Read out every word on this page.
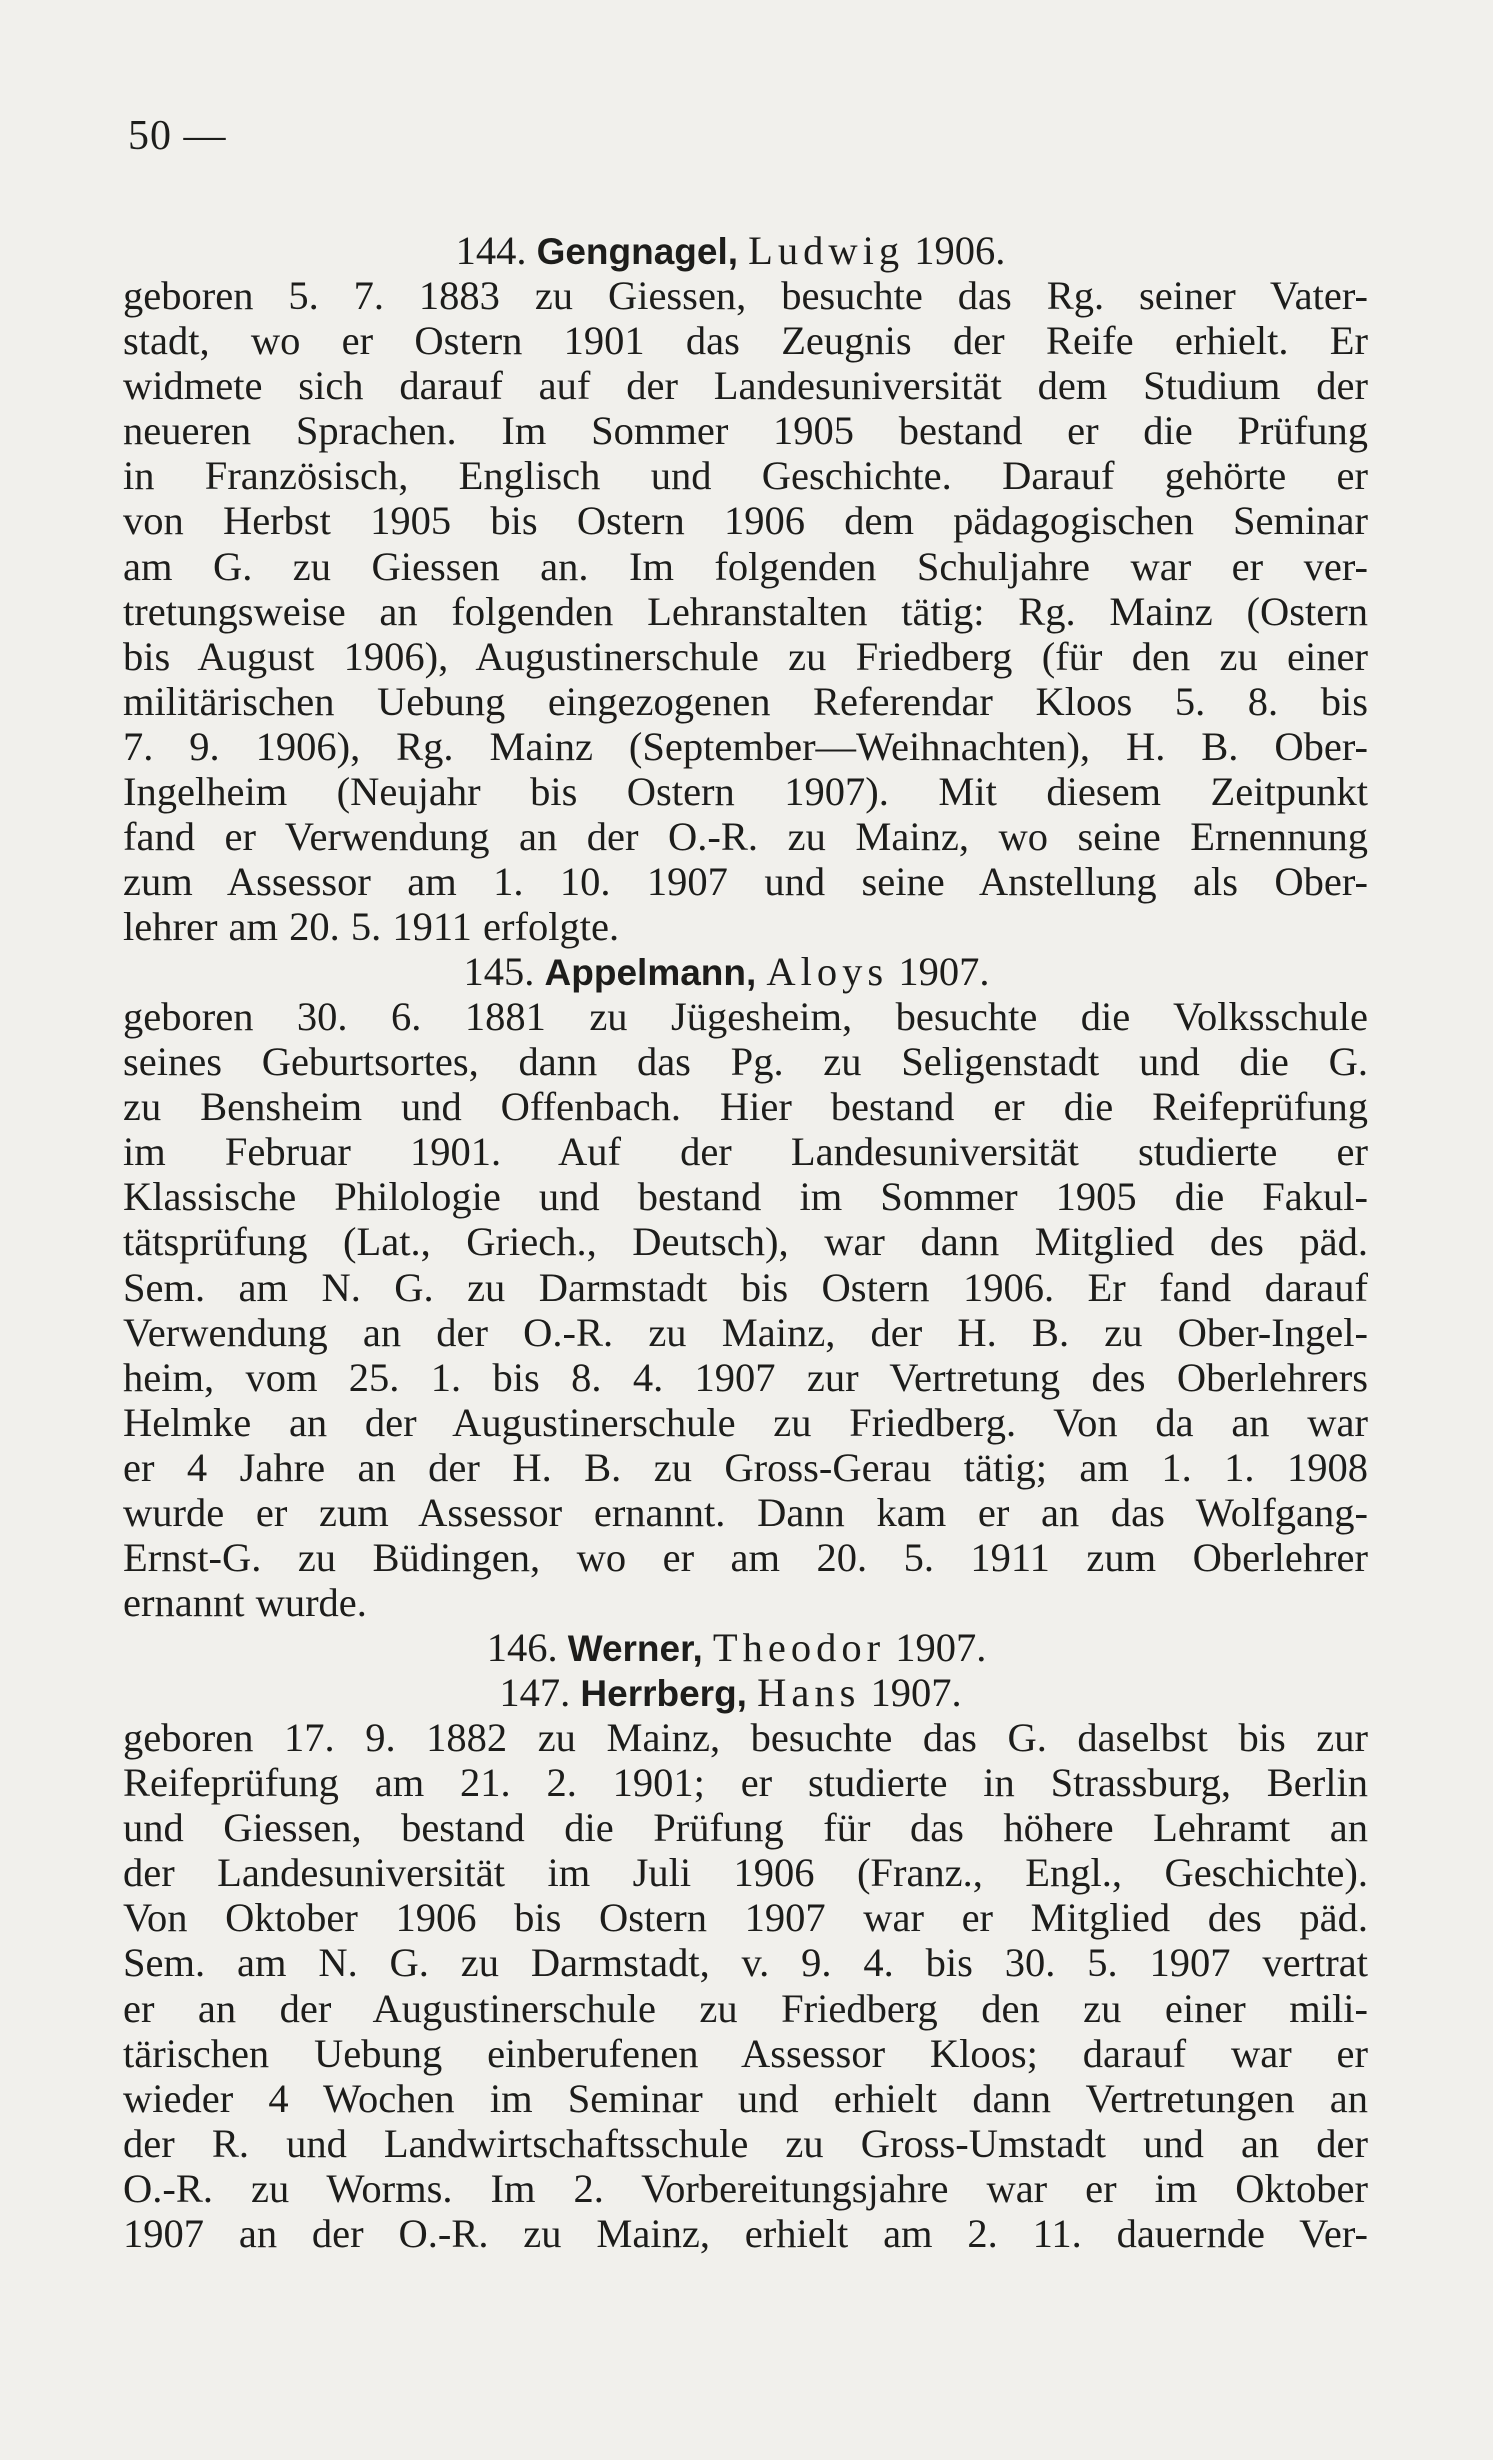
50 —
144. Gengnagel, Ludwig 1906.
geboren 5. 7. 1883 zu Giessen, besuchte das Rg. seiner Vater-
stadt, wo er Ostern 1901 das Zeugnis der Reife erhielt. Er
widmete sich darauf auf der Landesuniversität dem Studium der
neueren Sprachen. Im Sommer 1905 bestand er die Prüfung
in Französisch, Englisch und Geschichte. Darauf gehörte er
von Herbst 1905 bis Ostern 1906 dem pädagogischen Seminar
am G. zu Giessen an. Im folgenden Schuljahre war er ver-
tretungsweise an folgenden Lehranstalten tätig: Rg. Mainz (Ostern
bis August 1906), Augustinerschule zu Friedberg (für den zu einer
militärischen Uebung eingezogenen Referendar Kloos 5. 8. bis
7. 9. 1906), Rg. Mainz (September—Weihnachten), H. B. Ober-
Ingelheim (Neujahr bis Ostern 1907). Mit diesem Zeitpunkt
fand er Verwendung an der O.-R. zu Mainz, wo seine Ernennung
zum Assessor am 1. 10. 1907 und seine Anstellung als Ober-
lehrer am 20. 5. 1911 erfolgte.
145. Appelmann, Aloys 1907.
geboren 30. 6. 1881 zu Jügesheim, besuchte die Volksschule
seines Geburtsortes, dann das Pg. zu Seligenstadt und die G.
zu Bensheim und Offenbach. Hier bestand er die Reifeprüfung
im Februar 1901. Auf der Landesuniversität studierte er
Klassische Philologie und bestand im Sommer 1905 die Fakul-
tätsprüfung (Lat., Griech., Deutsch), war dann Mitglied des päd.
Sem. am N. G. zu Darmstadt bis Ostern 1906. Er fand darauf
Verwendung an der O.-R. zu Mainz, der H. B. zu Ober-Ingel-
heim, vom 25. 1. bis 8. 4. 1907 zur Vertretung des Oberlehrers
Helmke an der Augustinerschule zu Friedberg. Von da an war
er 4 Jahre an der H. B. zu Gross-Gerau tätig; am 1. 1. 1908
wurde er zum Assessor ernannt. Dann kam er an das Wolfgang-
Ernst-G. zu Büdingen, wo er am 20. 5. 1911 zum Oberlehrer
ernannt wurde.
146. Werner, Theodor 1907.
147. Herrberg, Hans 1907.
geboren 17. 9. 1882 zu Mainz, besuchte das G. daselbst bis zur
Reifeprüfung am 21. 2. 1901; er studierte in Strassburg, Berlin
und Giessen, bestand die Prüfung für das höhere Lehramt an
der Landesuniversität im Juli 1906 (Franz., Engl., Geschichte).
Von Oktober 1906 bis Ostern 1907 war er Mitglied des päd.
Sem. am N. G. zu Darmstadt, v. 9. 4. bis 30. 5. 1907 vertrat
er an der Augustinerschule zu Friedberg den zu einer mili-
tärischen Uebung einberufenen Assessor Kloos; darauf war er
wieder 4 Wochen im Seminar und erhielt dann Vertretungen an
der R. und Landwirtschaftsschule zu Gross-Umstadt und an der
O.-R. zu Worms. Im 2. Vorbereitungsjahre war er im Oktober
1907 an der O.-R. zu Mainz, erhielt am 2. 11. dauernde Ver-
